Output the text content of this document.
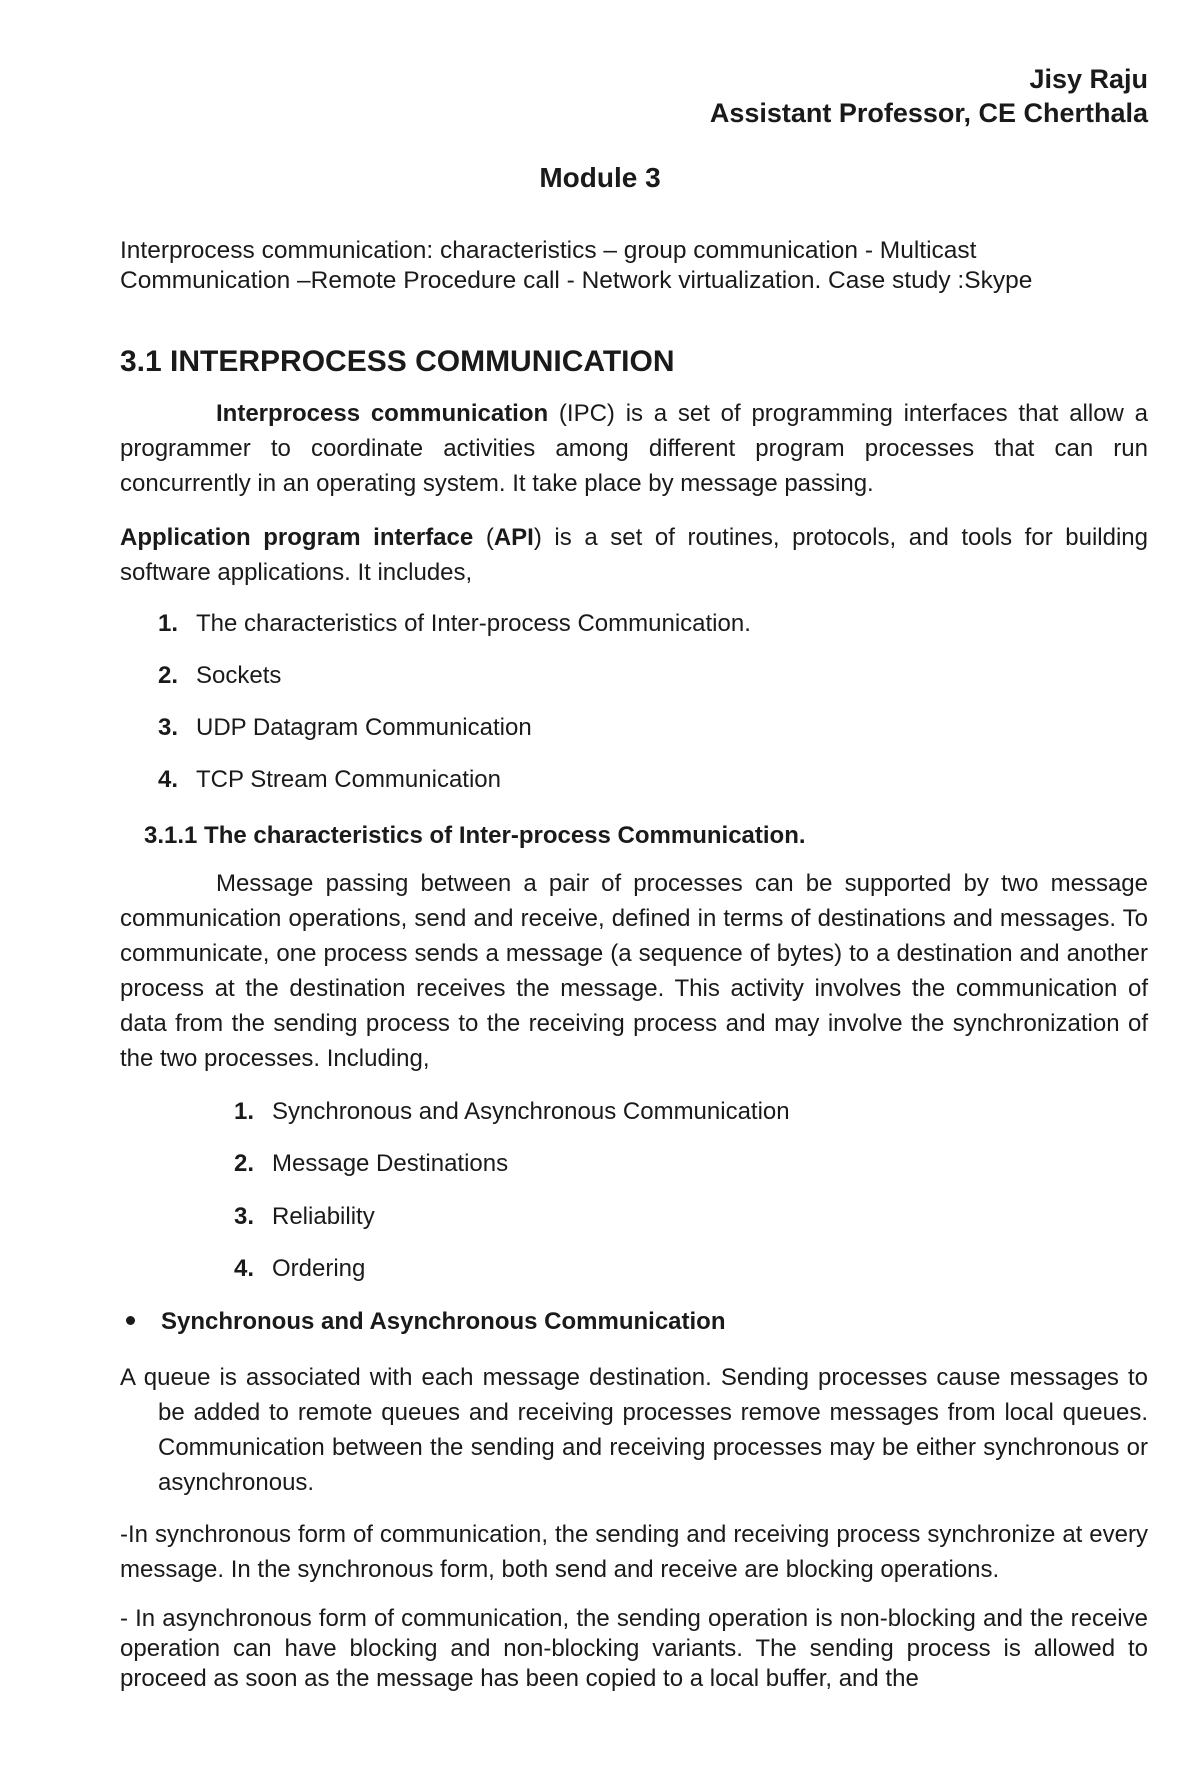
Jisy Raju
Assistant Professor, CE Cherthala
Module 3
Interprocess communication: characteristics – group communication - Multicast
Communication –Remote Procedure call - Network virtualization. Case study :Skype
3.1 INTERPROCESS COMMUNICATION
Interprocess communication (IPC) is a set of programming interfaces that allow a programmer to coordinate activities among different program processes that can run concurrently in an operating system. It take place by message passing.
Application program interface (API) is a set of routines, protocols, and tools for building software applications. It includes,
1. The characteristics of Inter-process Communication.
2. Sockets
3. UDP Datagram Communication
4. TCP Stream Communication
3.1.1 The characteristics of Inter-process Communication.
Message passing between a pair of processes can be supported by two message communication operations, send and receive, defined in terms of destinations and messages. To communicate, one process sends a message (a sequence of bytes) to a destination and another process at the destination receives the message. This activity involves the communication of data from the sending process to the receiving process and may involve the synchronization of the two processes. Including,
1. Synchronous and Asynchronous Communication
2. Message Destinations
3. Reliability
4. Ordering
Synchronous and Asynchronous Communication
A queue is associated with each message destination. Sending processes cause messages to be added to remote queues and receiving processes remove messages from local queues. Communication between the sending and receiving processes may be either synchronous or asynchronous.
-In synchronous form of communication, the sending and receiving process synchronize at every message. In the synchronous form, both send and receive are blocking operations.
- In asynchronous form of communication, the sending operation is non-blocking and the receive operation can have blocking and non-blocking variants. The sending process is allowed to proceed as soon as the message has been copied to a local buffer, and the
